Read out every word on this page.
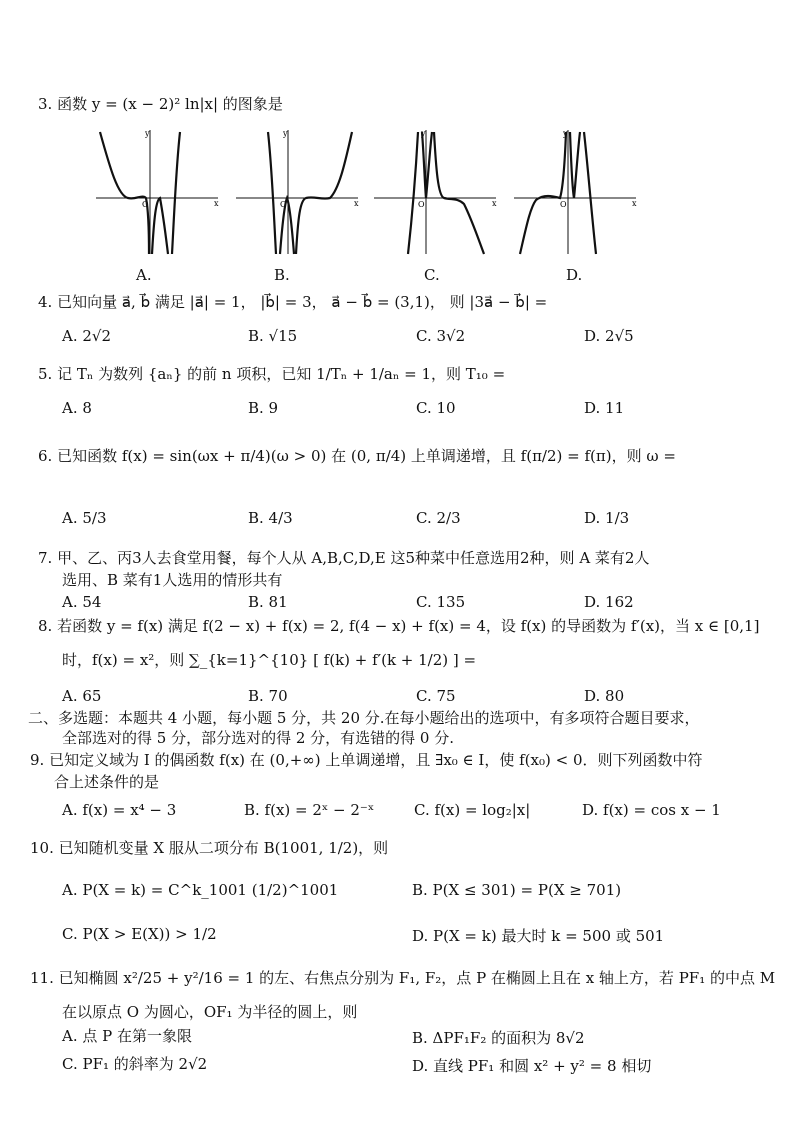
3. 函数 y = (x − 2)² ln|x| 的图象是
y
x
O
A.
y
x
O
B.
y
x
O
C.
y
x
O
D.
4. 已知向量 a⃗, b⃗ 满足 |a⃗| = 1， |b⃗| = 3， a⃗ − b⃗ = (3,1)， 则 |3a⃗ − b⃗| =
A. 2√2	B. √15	C. 3√2	D. 2√5
5. 记 Tₙ 为数列 {aₙ} 的前 n 项积，已知 1/Tₙ + 1/aₙ = 1，则 T₁₀ =
A. 8	B. 9	C. 10	D. 11
6. 已知函数 f(x) = sin(ωx + π/4)(ω > 0) 在 (0, π/4) 上单调递增，且 f(π/2) = f(π)，则 ω =
A. 5/3	B. 4/3	C. 2/3	D. 1/3
7. 甲、乙、丙3人去食堂用餐，每个人从 A,B,C,D,E 这5种菜中任意选用2种，则 A 菜有2人
选用、B 菜有1人选用的情形共有
A. 54	B. 81	C. 135	D. 162
8. 若函数 y = f(x) 满足 f(2 − x) + f(x) = 2, f(4 − x) + f(x) = 4，设 f(x) 的导函数为 f′(x)，当 x ∈ [0,1]
时，f(x) = x²，则 ∑_{k=1}^{10} [ f(k) + f′(k + 1/2) ] =
A. 65	B. 70	C. 75	D. 80
二、多选题：本题共 4 小题，每小题 5 分，共 20 分.在每小题给出的选项中，有多项符合题目要求，
全部选对的得 5 分，部分选对的得 2 分，有选错的得 0 分.
9. 已知定义域为 I 的偶函数 f(x) 在 (0,+∞) 上单调递增，且 ∃x₀ ∈ I，使 f(x₀) < 0．则下列函数中符
合上述条件的是
A. f(x) = x⁴ − 3	B. f(x) = 2ˣ − 2⁻ˣ	C. f(x) = log₂|x|	D. f(x) = cos x − 1
10. 已知随机变量 X 服从二项分布 B(1001, 1/2)，则
A. P(X = k) = C^k_1001 (1/2)^1001	B. P(X ≤ 301) = P(X ≥ 701)
C. P(X > E(X)) > 1/2	D. P(X = k) 最大时 k = 500 或 501
11. 已知椭圆 x²/25 + y²/16 = 1 的左、右焦点分别为 F₁, F₂，点 P 在椭圆上且在 x 轴上方，若 PF₁ 的中点 M
在以原点 O 为圆心，OF₁ 为半径的圆上，则
A. 点 P 在第一象限	B. ΔPF₁F₂ 的面积为 8√2
C. PF₁ 的斜率为 2√2	D. 直线 PF₁ 和圆 x² + y² = 8 相切
